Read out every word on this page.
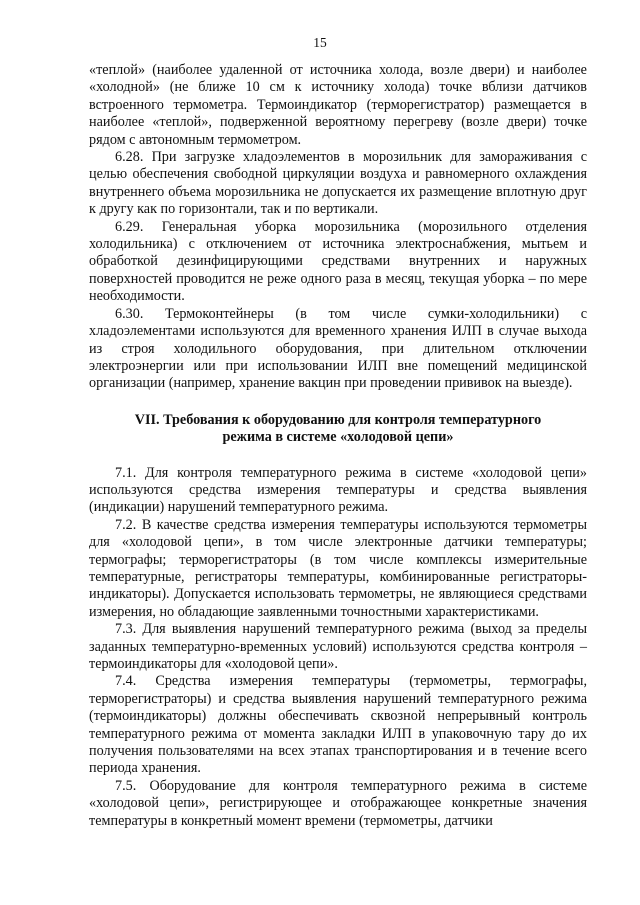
15

«теплой» (наиболее удаленной от источника холода, возле двери) и наиболее «холодной» (не ближе 10 см к источнику холода) точке вблизи датчиков встроенного термометра. Термоиндикатор (терморегистратор) размещается в наиболее «теплой», подверженной вероятному перегреву (возле двери) точке рядом с автономным термометром.

6.28. При загрузке хладоэлементов в морозильник для замораживания с целью обеспечения свободной циркуляции воздуха и равномерного охлаждения внутреннего объема морозильника не допускается их размещение вплотную друг к другу как по горизонтали, так и по вертикали.

6.29. Генеральная уборка морозильника (морозильного отделения холодильника) с отключением от источника электроснабжения, мытьем и обработкой дезинфицирующими средствами внутренних и наружных поверхностей проводится не реже одного раза в месяц, текущая уборка – по мере необходимости.

6.30. Термоконтейнеры (в том числе сумки-холодильники) с хладоэлементами используются для временного хранения ИЛП в случае выхода из строя холодильного оборудования, при длительном отключении электроэнергии или при использовании ИЛП вне помещений медицинской организации (например, хранение вакцин при проведении прививок на выезде).

VII. Требования к оборудованию для контроля температурного
режима в системе «холодовой цепи»

7.1. Для контроля температурного режима в системе «холодовой цепи» используются средства измерения температуры и средства выявления (индикации) нарушений температурного режима.

7.2. В качестве средства измерения температуры используются термометры для «холодовой цепи», в том числе электронные датчики температуры; термографы; терморегистраторы (в том числе комплексы измерительные температурные, регистраторы температуры, комбинированные регистраторы-индикаторы). Допускается использовать термометры, не являющиеся средствами измерения, но обладающие заявленными точностными характеристиками.

7.3. Для выявления нарушений температурного режима (выход за пределы заданных температурно-временных условий) используются средства контроля – термоиндикаторы для «холодовой цепи».

7.4. Средства измерения температуры (термометры, термографы, терморегистраторы) и средства выявления нарушений температурного режима (термоиндикаторы) должны обеспечивать сквозной непрерывный контроль температурного режима от момента закладки ИЛП в упаковочную тару до их получения пользователями на всех этапах транспортирования и в течение всего периода хранения.

7.5. Оборудование для контроля температурного режима в системе «холодовой цепи», регистрирующее и отображающее конкретные значения температуры в конкретный момент времени (термометры, датчики
